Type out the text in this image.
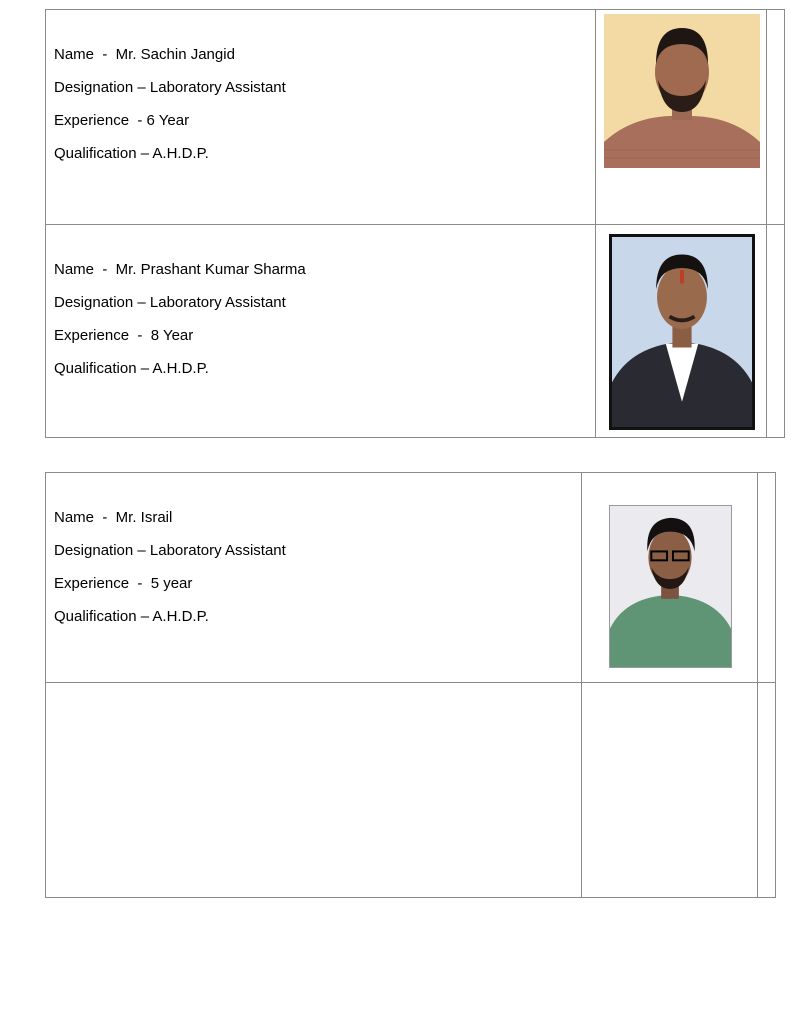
Name  -  Mr. Sachin Jangid
Designation – Laboratory Assistant
Experience  - 6 Year
Qualification – A.H.D.P.
Name  -  Mr. Prashant Kumar Sharma
Designation – Laboratory Assistant
Experience  -  8 Year
Qualification – A.H.D.P.
Name  -  Mr. Israil
Designation – Laboratory Assistant
Experience  -  5 year
Qualification – A.H.D.P.
